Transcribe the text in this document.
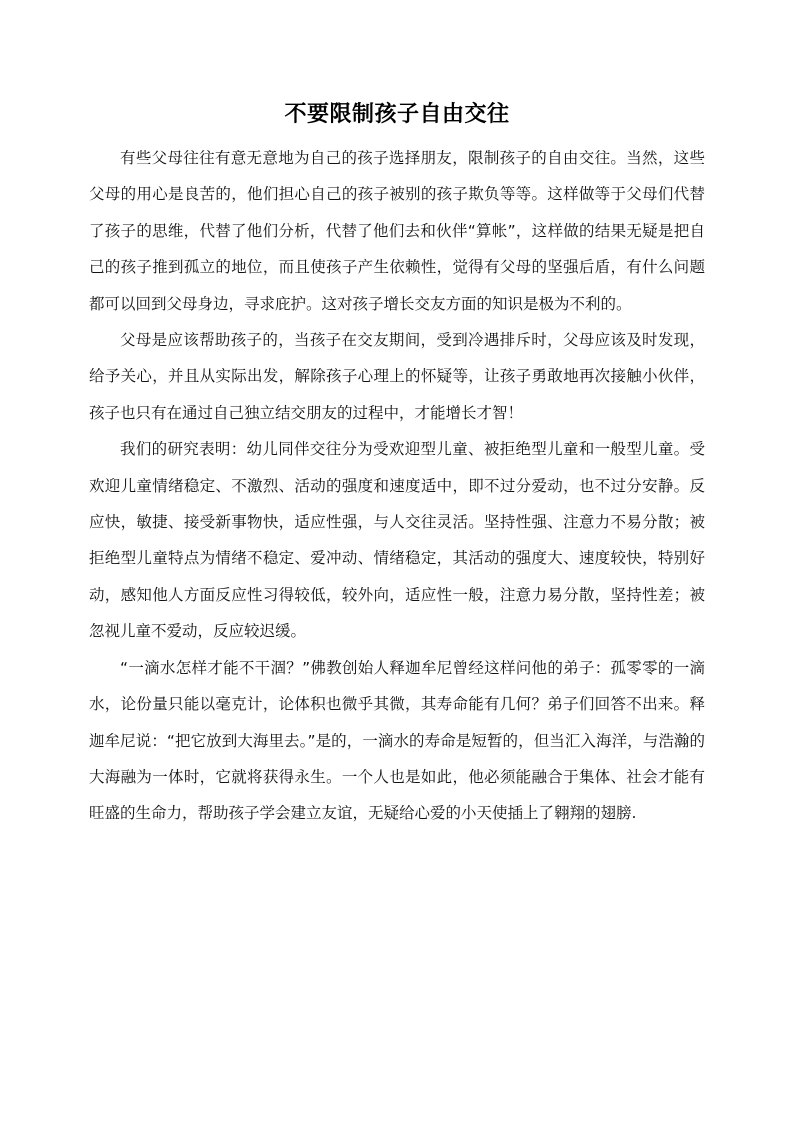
不要限制孩子自由交往

有些父母往往有意无意地为自己的孩子选择朋友，限制孩子的自由交往。当然，这些父母的用心是良苦的，他们担心自己的孩子被别的孩子欺负等等。这样做等于父母们代替了孩子的思维，代替了他们分析，代替了他们去和伙伴“算帐”，这样做的结果无疑是把自己的孩子推到孤立的地位，而且使孩子产生依赖性，觉得有父母的坚强后盾，有什么问题都可以回到父母身边，寻求庇护。这对孩子增长交友方面的知识是极为不利的。

父母是应该帮助孩子的，当孩子在交友期间，受到冷遇排斥时，父母应该及时发现，给予关心，并且从实际出发，解除孩子心理上的怀疑等，让孩子勇敢地再次接触小伙伴，孩子也只有在通过自己独立结交朋友的过程中，才能增长才智！

我们的研究表明：幼儿同伴交往分为受欢迎型儿童、被拒绝型儿童和一般型儿童。受欢迎儿童情绪稳定、不激烈、活动的强度和速度适中，即不过分爱动，也不过分安静。反应快，敏捷、接受新事物快，适应性强，与人交往灵活。坚持性强、注意力不易分散；被拒绝型儿童特点为情绪不稳定、爱冲动、情绪稳定，其活动的强度大、速度较快，特别好动，感知他人方面反应性习得较低，较外向，适应性一般，注意力易分散，坚持性差；被忽视儿童不爱动，反应较迟缓。

“一滴水怎样才能不干涸？”佛教创始人释迦牟尼曾经这样问他的弟子：孤零零的一滴水，论份量只能以毫克计，论体积也微乎其微，其寿命能有几何？弟子们回答不出来。释迦牟尼说：“把它放到大海里去。”是的，一滴水的寿命是短暂的，但当汇入海洋，与浩瀚的大海融为一体时，它就将获得永生。一个人也是如此，他必须能融合于集体、社会才能有旺盛的生命力，帮助孩子学会建立友谊，无疑给心爱的小天使插上了翱翔的翅膀.
